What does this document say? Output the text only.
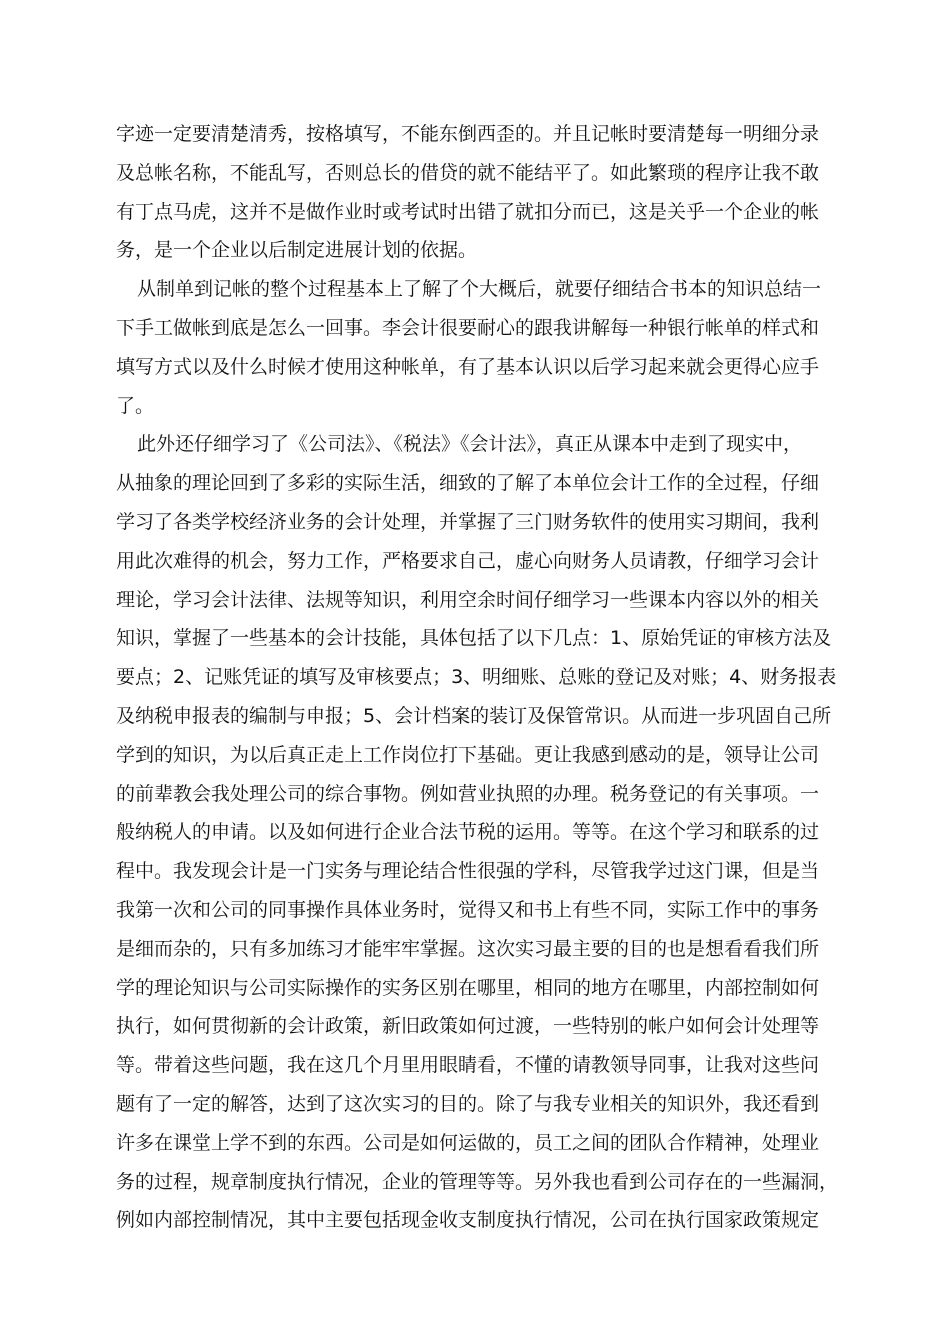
字迹一定要清楚清秀，按格填写，不能东倒西歪的。并且记帐时要清楚每一明细分录
及总帐名称，不能乱写，否则总长的借贷的就不能结平了。如此繁琐的程序让我不敢
有丁点马虎，这并不是做作业时或考试时出错了就扣分而已，这是关乎一个企业的帐
务，是一个企业以后制定进展计划的依据。
从制单到记帐的整个过程基本上了解了个大概后，就要仔细结合书本的知识总结一
下手工做帐到底是怎么一回事。李会计很要耐心的跟我讲解每一种银行帐单的样式和
填写方式以及什么时候才使用这种帐单，有了基本认识以后学习起来就会更得心应手
了。
此外还仔细学习了《公司法》、《税法》《会计法》，真正从课本中走到了现实中，
从抽象的理论回到了多彩的实际生活，细致的了解了本单位会计工作的全过程，仔细
学习了各类学校经济业务的会计处理，并掌握了三门财务软件的使用实习期间，我利
用此次难得的机会，努力工作，严格要求自己，虚心向财务人员请教，仔细学习会计
理论，学习会计法律、法规等知识，利用空余时间仔细学习一些课本内容以外的相关
知识，掌握了一些基本的会计技能，具体包括了以下几点：1、原始凭证的审核方法及
要点；2、记账凭证的填写及审核要点；3、明细账、总账的登记及对账；4、财务报表
及纳税申报表的编制与申报；5、会计档案的装订及保管常识。从而进一步巩固自己所
学到的知识，为以后真正走上工作岗位打下基础。更让我感到感动的是，领导让公司
的前辈教会我处理公司的综合事物。例如营业执照的办理。税务登记的有关事项。一
般纳税人的申请。以及如何进行企业合法节税的运用。等等。在这个学习和联系的过
程中。我发现会计是一门实务与理论结合性很强的学科，尽管我学过这门课，但是当
我第一次和公司的同事操作具体业务时，觉得又和书上有些不同，实际工作中的事务
是细而杂的，只有多加练习才能牢牢掌握。这次实习最主要的目的也是想看看我们所
学的理论知识与公司实际操作的实务区别在哪里，相同的地方在哪里，内部控制如何
执行，如何贯彻新的会计政策，新旧政策如何过渡，一些特别的帐户如何会计处理等
等。带着这些问题，我在这几个月里用眼睛看，不懂的请教领导同事，让我对这些问
题有了一定的解答，达到了这次实习的目的。除了与我专业相关的知识外，我还看到
许多在课堂上学不到的东西。公司是如何运做的，员工之间的团队合作精神，处理业
务的过程，规章制度执行情况，企业的管理等等。另外我也看到公司存在的一些漏洞，
例如内部控制情况，其中主要包括现金收支制度执行情况，公司在执行国家政策规定
